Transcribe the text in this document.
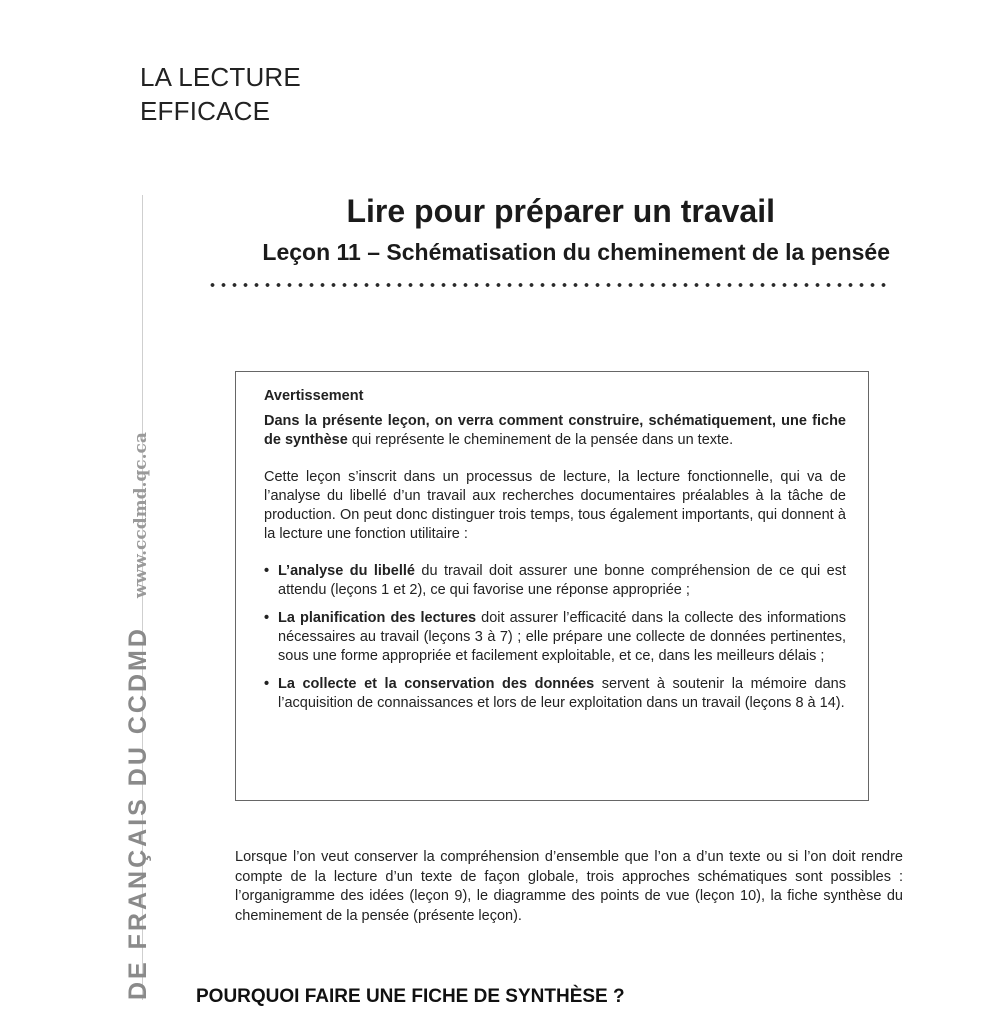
LA LECTURE
EFFICACE
DE FRANÇAIS DU CCDMDwww.ccdmd.qc.ca
Lire pour préparer un travail
Leçon 11 – Schématisation du cheminement de la pensée

Avertissement

Dans la présente leçon, on verra comment construire, schématiquement, une fiche de synthèse qui représente le cheminement de la pensée dans un texte.

Cette leçon s’inscrit dans un processus de lecture, la lecture fonctionnelle, qui va de l’analyse du libellé d’un travail aux recherches documentaires préalables à la tâche de production. On peut donc distinguer trois temps, tous également importants, qui donnent à la lecture une fonction utilitaire :

• L’analyse du libellé du travail doit assurer une bonne compréhension de ce qui est attendu (leçons 1 et 2), ce qui favorise une réponse appropriée ;
• La planification des lectures doit assurer l’efficacité dans la collecte des informations nécessaires au travail (leçons 3 à 7) ; elle prépare une collecte de données pertinentes, sous une forme appropriée et facilement exploitable, et ce, dans les meilleurs délais ;
• La collecte et la conservation des données servent à soutenir la mémoire dans l’acquisition de connaissances et lors de leur exploitation dans un travail (leçons 8 à 14).

Lorsque l’on veut conserver la compréhension d’ensemble que l’on a d’un texte ou si l’on doit rendre compte de la lecture d’un texte de façon globale, trois approches schématiques sont possibles : l’organigramme des idées (leçon 9), le diagramme des points de vue (leçon 10), la fiche synthèse du cheminement de la pensée (présente leçon).

POURQUOI FAIRE UNE FICHE DE SYNTHÈSE ?
